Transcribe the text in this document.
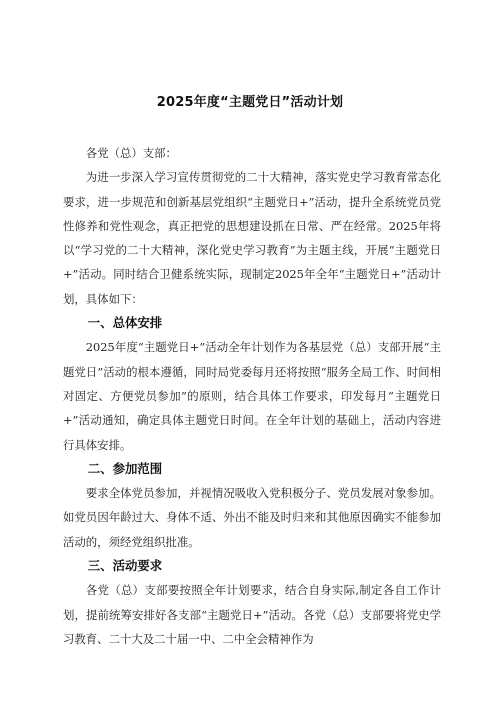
2025年度“主题党日”活动计划

各党（总）支部：

为进一步深入学习宣传贯彻党的二十大精神，落实党史学习教育常态化要求，进一步规范和创新基层党组织“主题党日+”活动，提升全系统党员党性修养和党性观念，真正把党的思想建设抓在日常、严在经常。2025年将以“学习党的二十大精神，深化党史学习教育”为主题主线，开展“主题党日+”活动。同时结合卫健系统实际，现制定2025年全年“主题党日+”活动计划，具体如下：

一、总体安排

2025年度“主题党日+”活动全年计划作为各基层党（总）支部开展“主题党日”活动的根本遵循，同时局党委每月还将按照“服务全局工作、时间相对固定、方便党员参加”的原则，结合具体工作要求，印发每月“主题党日+”活动通知，确定具体主题党日时间。在全年计划的基础上，活动内容进行具体安排。

二、参加范围

要求全体党员参加，并视情况吸收入党积极分子、党员发展对象参加。如党员因年龄过大、身体不适、外出不能及时归来和其他原因确实不能参加活动的，须经党组织批准。

三、活动要求

各党（总）支部要按照全年计划要求，结合自身实际,制定各自工作计划，提前统筹安排好各支部“主题党日+”活动。各党（总）支部要将党史学习教育、二十大及二十届一中、二中全会精神作为
